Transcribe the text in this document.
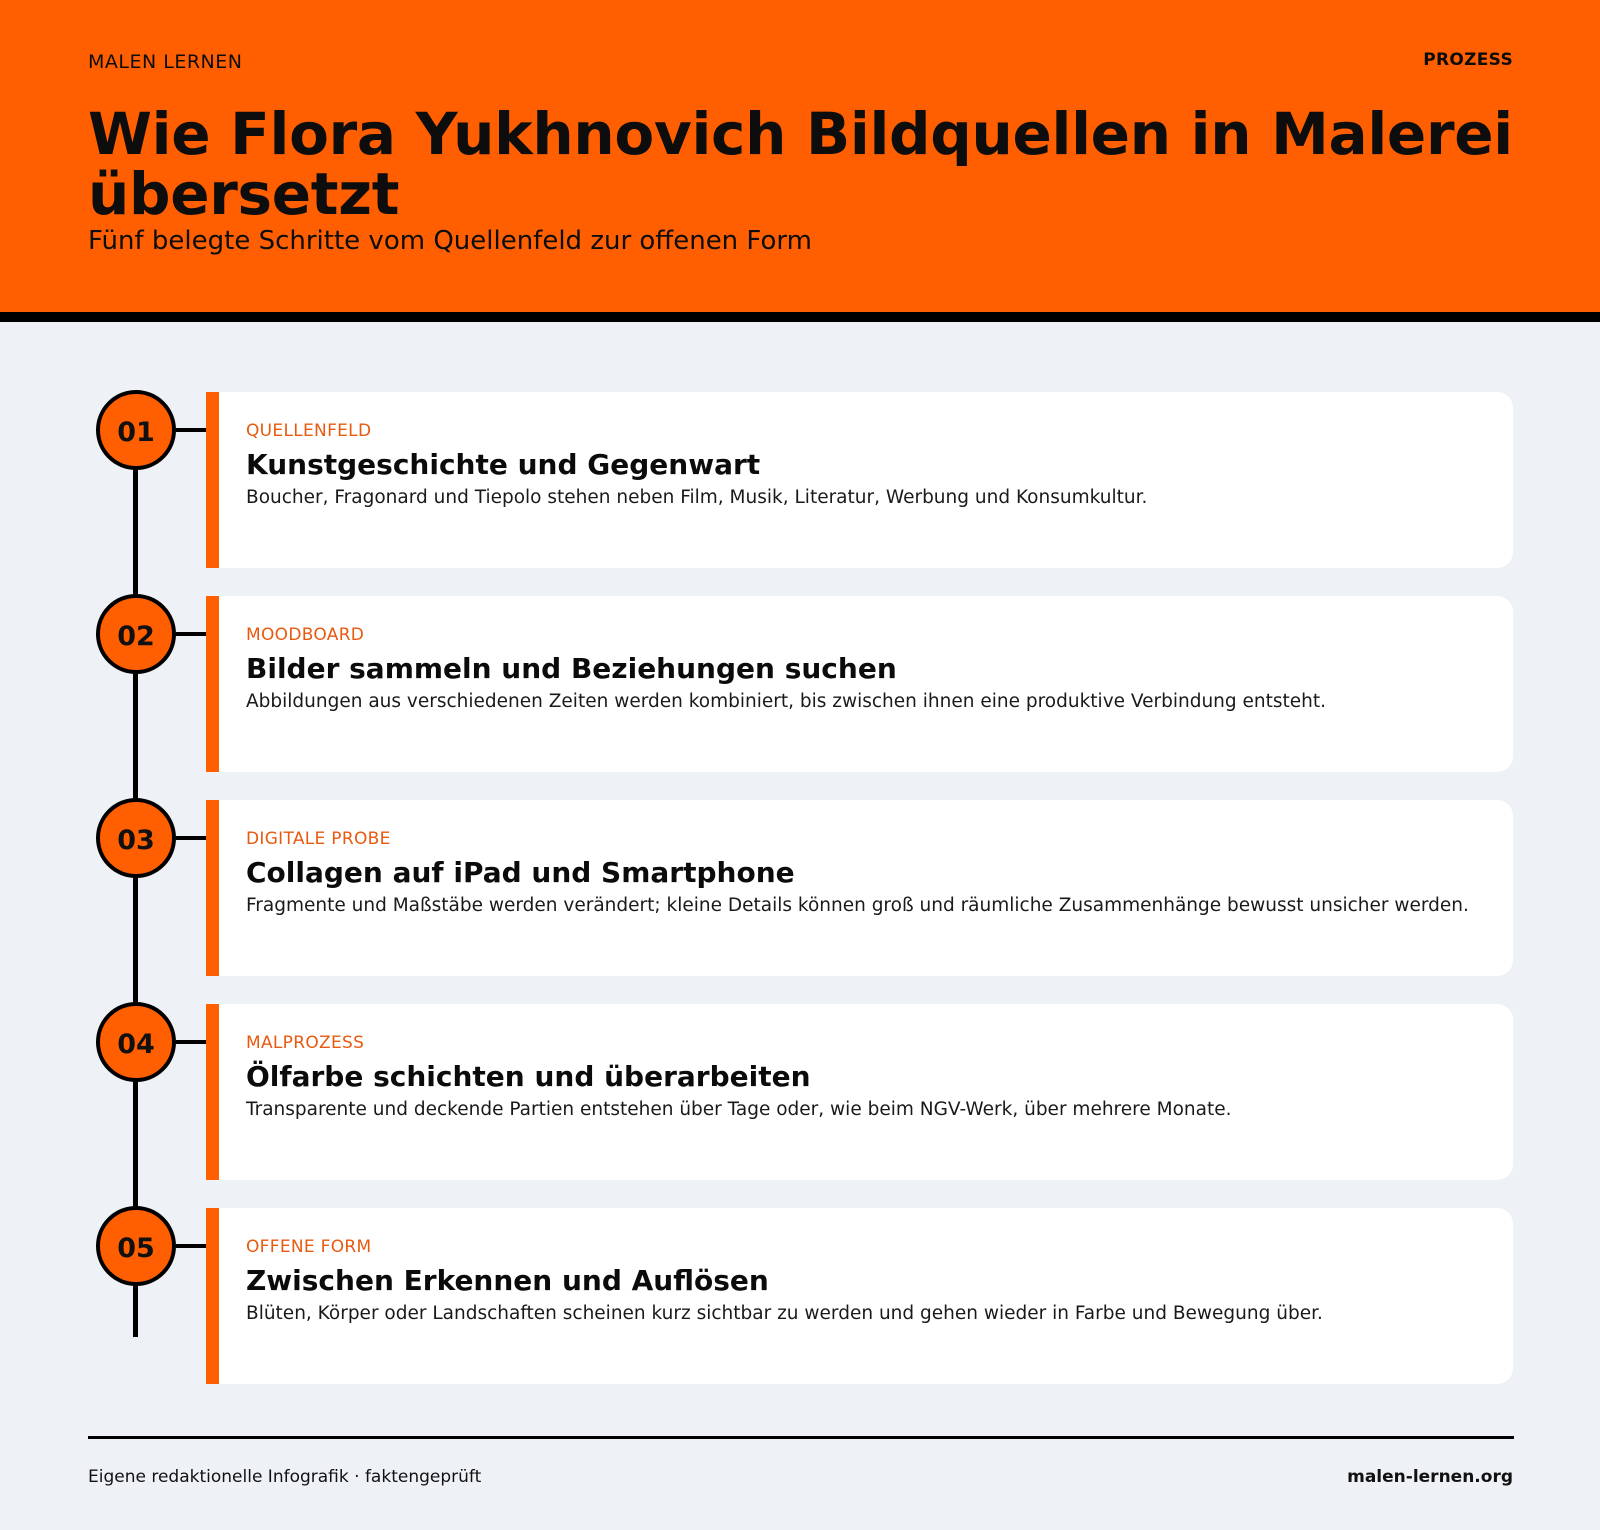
MALEN LERNEN	PROZESS
Wie Flora Yukhnovich Bildquellen in Malerei übersetzt
Fünf belegte Schritte vom Quellenfeld zur offenen Form
01	QUELLENFELD
Kunstgeschichte und Gegenwart
Boucher, Fragonard und Tiepolo stehen neben Film, Musik, Literatur, Werbung und Konsumkultur.
02	MOODBOARD
Bilder sammeln und Beziehungen suchen
Abbildungen aus verschiedenen Zeiten werden kombiniert, bis zwischen ihnen eine produktive Verbindung entsteht.
03	DIGITALE PROBE
Collagen auf iPad und Smartphone
Fragmente und Maßstäbe werden verändert; kleine Details können groß und räumliche Zusammenhänge bewusst unsicher werden.
04	MALPROZESS
Ölfarbe schichten und überarbeiten
Transparente und deckende Partien entstehen über Tage oder, wie beim NGV-Werk, über mehrere Monate.
05	OFFENE FORM
Zwischen Erkennen und Auflösen
Blüten, Körper oder Landschaften scheinen kurz sichtbar zu werden und gehen wieder in Farbe und Bewegung über.
Eigene redaktionelle Infografik · faktengeprüft	malen-lernen.org
